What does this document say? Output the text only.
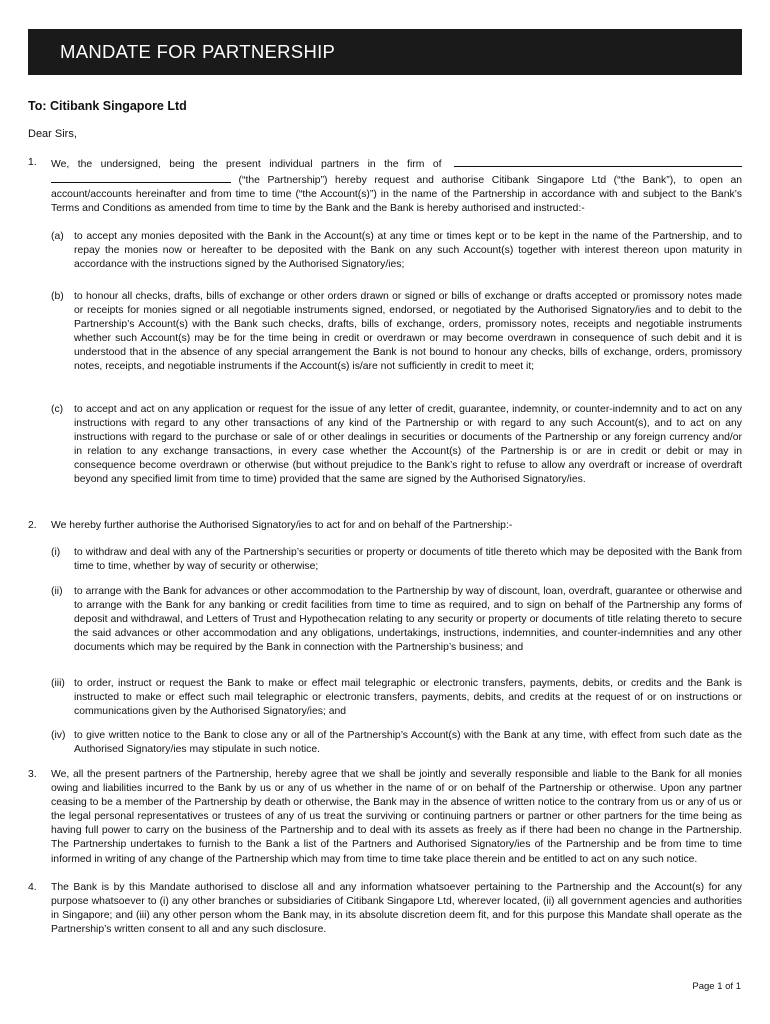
MANDATE FOR PARTNERSHIP
To: Citibank Singapore Ltd
Dear Sirs,
1. We, the undersigned, being the present individual partners in the firm of   (“the Partnership”) hereby request and authorise Citibank Singapore Ltd (“the Bank”), to open an account/accounts hereinafter and from time to time (“the Account(s)”) in the name of the Partnership in accordance with and subject to the Bank’s Terms and Conditions as amended from time to time by the Bank and the Bank is hereby authorised and instructed:-
(a) to accept any monies deposited with the Bank in the Account(s) at any time or times kept or to be kept in the name of the Partnership, and to repay the monies now or hereafter to be deposited with the Bank on any such Account(s) together with interest thereon upon maturity in accordance with the instructions signed by the Authorised Signatory/ies;
(b) to honour all checks, drafts, bills of exchange or other orders drawn or signed or bills of exchange or drafts accepted or promissory notes made or receipts for monies signed or all negotiable instruments signed, endorsed, or negotiated by the Authorised Signatory/ies and to debit to the Partnership’s Account(s) with the Bank such checks, drafts, bills of exchange, orders, promissory notes, receipts and negotiable instruments whether such Account(s) may be for the time being in credit or overdrawn or may become overdrawn in consequence of such debit and it is understood that in the absence of any special arrangement the Bank is not bound to honour any checks, bills of exchange, orders, promissory notes, receipts, and negotiable instruments if the Account(s) is/are not sufficiently in credit to meet it;
(c) to accept and act on any application or request for the issue of any letter of credit, guarantee, indemnity, or counter-indemnity and to act on any instructions with regard to any other transactions of any kind of the Partnership or with regard to any such Account(s), and to act on any instructions with regard to the purchase or sale of or other dealings in securities or documents of the Partnership or any foreign currency and/or in relation to any exchange transactions, in every case whether the Account(s) of the Partnership is or are in credit or debit or may in consequence become overdrawn or otherwise (but without prejudice to the Bank’s right to refuse to allow any overdraft or increase of overdraft beyond any specified limit from time to time) provided that the same are signed by the Authorised Signatory/ies.
2. We hereby further authorise the Authorised Signatory/ies to act for and on behalf of the Partnership:-
(i) to withdraw and deal with any of the Partnership’s securities or property or documents of title thereto which may be deposited with the Bank from time to time, whether by way of security or otherwise;
(ii) to arrange with the Bank for advances or other accommodation to the Partnership by way of discount, loan, overdraft, guarantee or otherwise and to arrange with the Bank for any banking or credit facilities from time to time as required, and to sign on behalf of the Partnership any forms of deposit and withdrawal, and Letters of Trust and Hypothecation relating to any security or property or documents of title relating thereto to secure the said advances or other accommodation and any obligations, undertakings, instructions, indemnities, and counter-indemnities and any other documents which may be required by the Bank in connection with the Partnership’s business; and
(iii) to order, instruct or request the Bank to make or effect mail telegraphic or electronic transfers, payments, debits, or credits and the Bank is instructed to make or effect such mail telegraphic or electronic transfers, payments, debits, and credits at the request of or on instructions or communications given by the Authorised Signatory/ies; and
(iv) to give written notice to the Bank to close any or all of the Partnership’s Account(s) with the Bank at any time, with effect from such date as the Authorised Signatory/ies may stipulate in such notice.
3. We, all the present partners of the Partnership, hereby agree that we shall be jointly and severally responsible and liable to the Bank for all monies owing and liabilities incurred to the Bank by us or any of us whether in the name of or on behalf of the Partnership or otherwise. Upon any partner ceasing to be a member of the Partnership by death or otherwise, the Bank may in the absence of written notice to the contrary from us or any of us or the legal personal representatives or trustees of any of us treat the surviving or continuing partners or partner or other partners for the time being as having full power to carry on the business of the Partnership and to deal with its assets as freely as if there had been no change in the Partnership. The Partnership undertakes to furnish to the Bank a list of the Partners and Authorised Signatory/ies of the Partnership and be from time to time informed in writing of any change of the Partnership which may from time to time take place therein and be entitled to act on any such notice.
4. The Bank is by this Mandate authorised to disclose all and any information whatsoever pertaining to the Partnership and the Account(s) for any purpose whatsoever to (i) any other branches or subsidiaries of Citibank Singapore Ltd, wherever located, (ii) all government agencies and authorities in Singapore; and (iii) any other person whom the Bank may, in its absolute discretion deem fit, and for this purpose this Mandate shall operate as the Partnership’s written consent to all and any such disclosure.
Page 1 of 1
